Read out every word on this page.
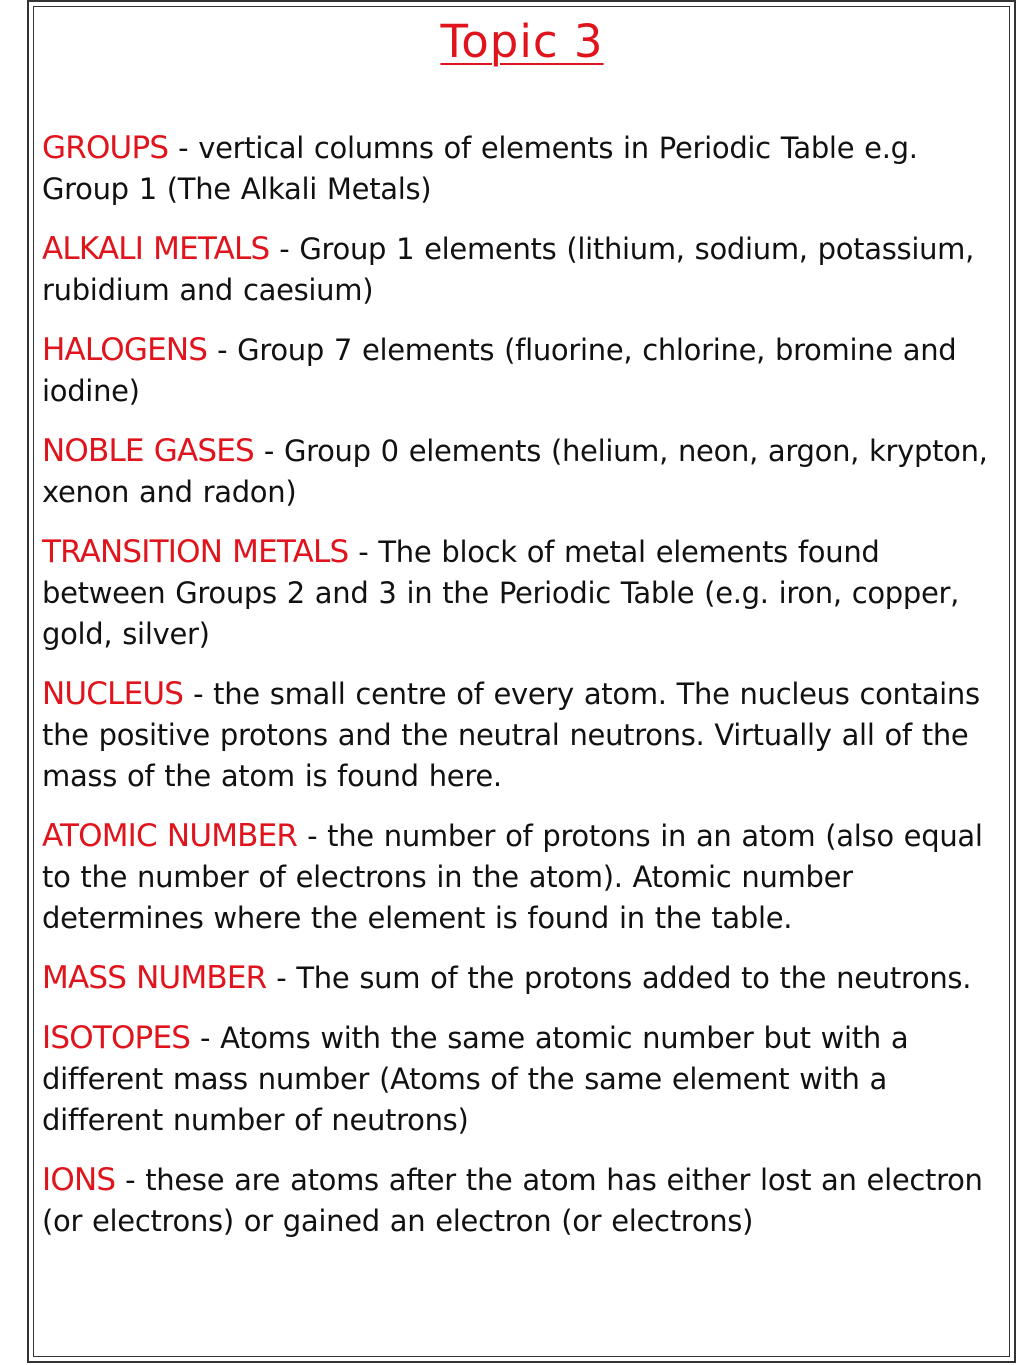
Topic 3

GROUPS - vertical columns of elements in Periodic Table e.g. Group 1 (The Alkali Metals)

ALKALI METALS - Group 1 elements (lithium, sodium, potassium, rubidium and caesium)

HALOGENS - Group 7 elements (fluorine, chlorine, bromine and iodine)

NOBLE GASES - Group 0 elements (helium, neon, argon, krypton, xenon and radon)

TRANSITION METALS - The block of metal elements found between Groups 2 and 3 in the Periodic Table (e.g. iron, copper, gold, silver)

NUCLEUS - the small centre of every atom. The nucleus contains the positive protons and the neutral neutrons. Virtually all of the mass of the atom is found here.

ATOMIC NUMBER - the number of protons in an atom (also equal to the number of electrons in the atom). Atomic number determines where the element is found in the table.

MASS NUMBER - The sum of the protons added to the neutrons.

ISOTOPES - Atoms with the same atomic number but with a different mass number (Atoms of the same element with a different number of neutrons)

IONS - these are atoms after the atom has either lost an electron (or electrons) or gained an electron (or electrons)
